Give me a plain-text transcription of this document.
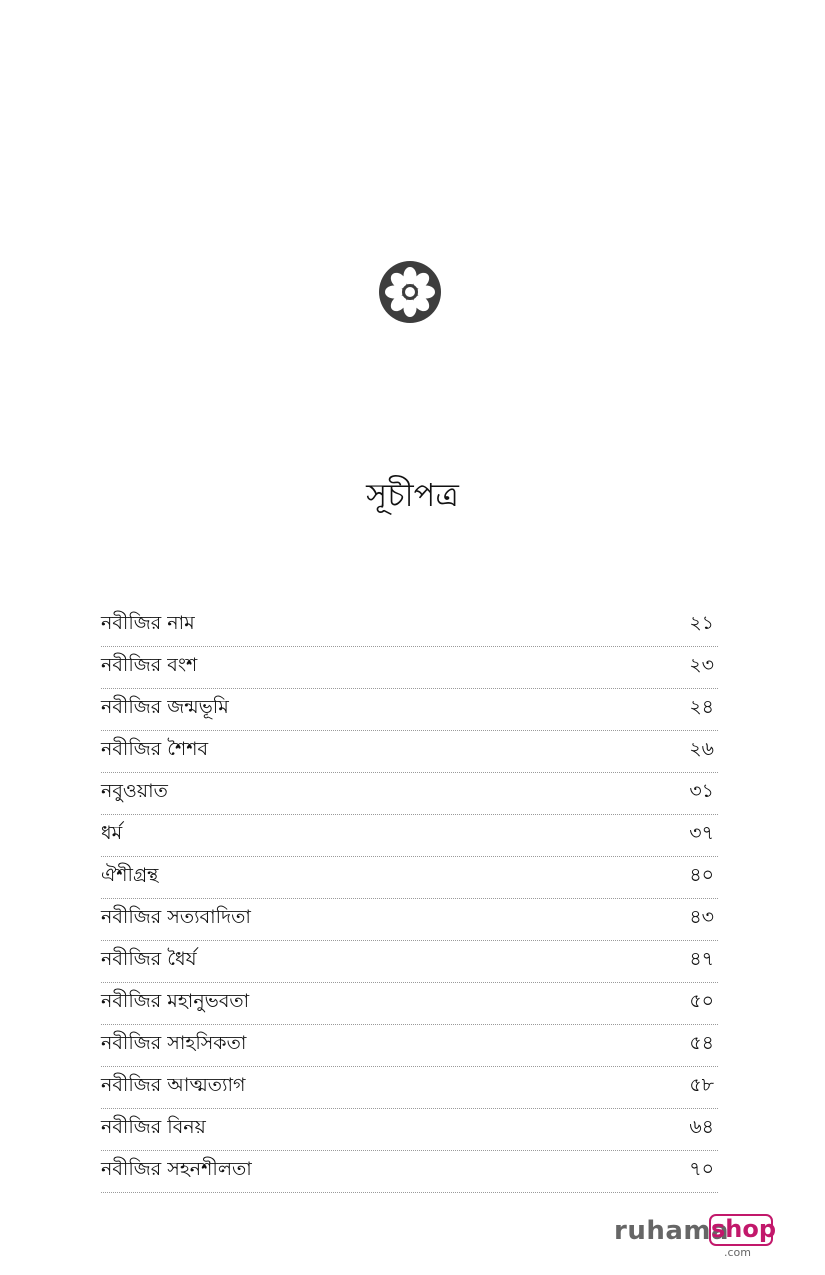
সূচীপত্র
নবীজির নাম	২১
নবীজির বংশ	২৩
নবীজির জন্মভূমি	২৪
নবীজির শৈশব	২৬
নবুওয়াত	৩১
ধর্ম	৩৭
ঐশীগ্রন্থ	৪০
নবীজির সত্যবাদিতা	৪৩
নবীজির ধৈর্য	৪৭
নবীজির মহানুভবতা	৫০
নবীজির সাহসিকতা	৫৪
নবীজির আত্মত্যাগ	৫৮
নবীজির বিনয়	৬৪
নবীজির সহনশীলতা	৭০
ruhama
shop
.com
